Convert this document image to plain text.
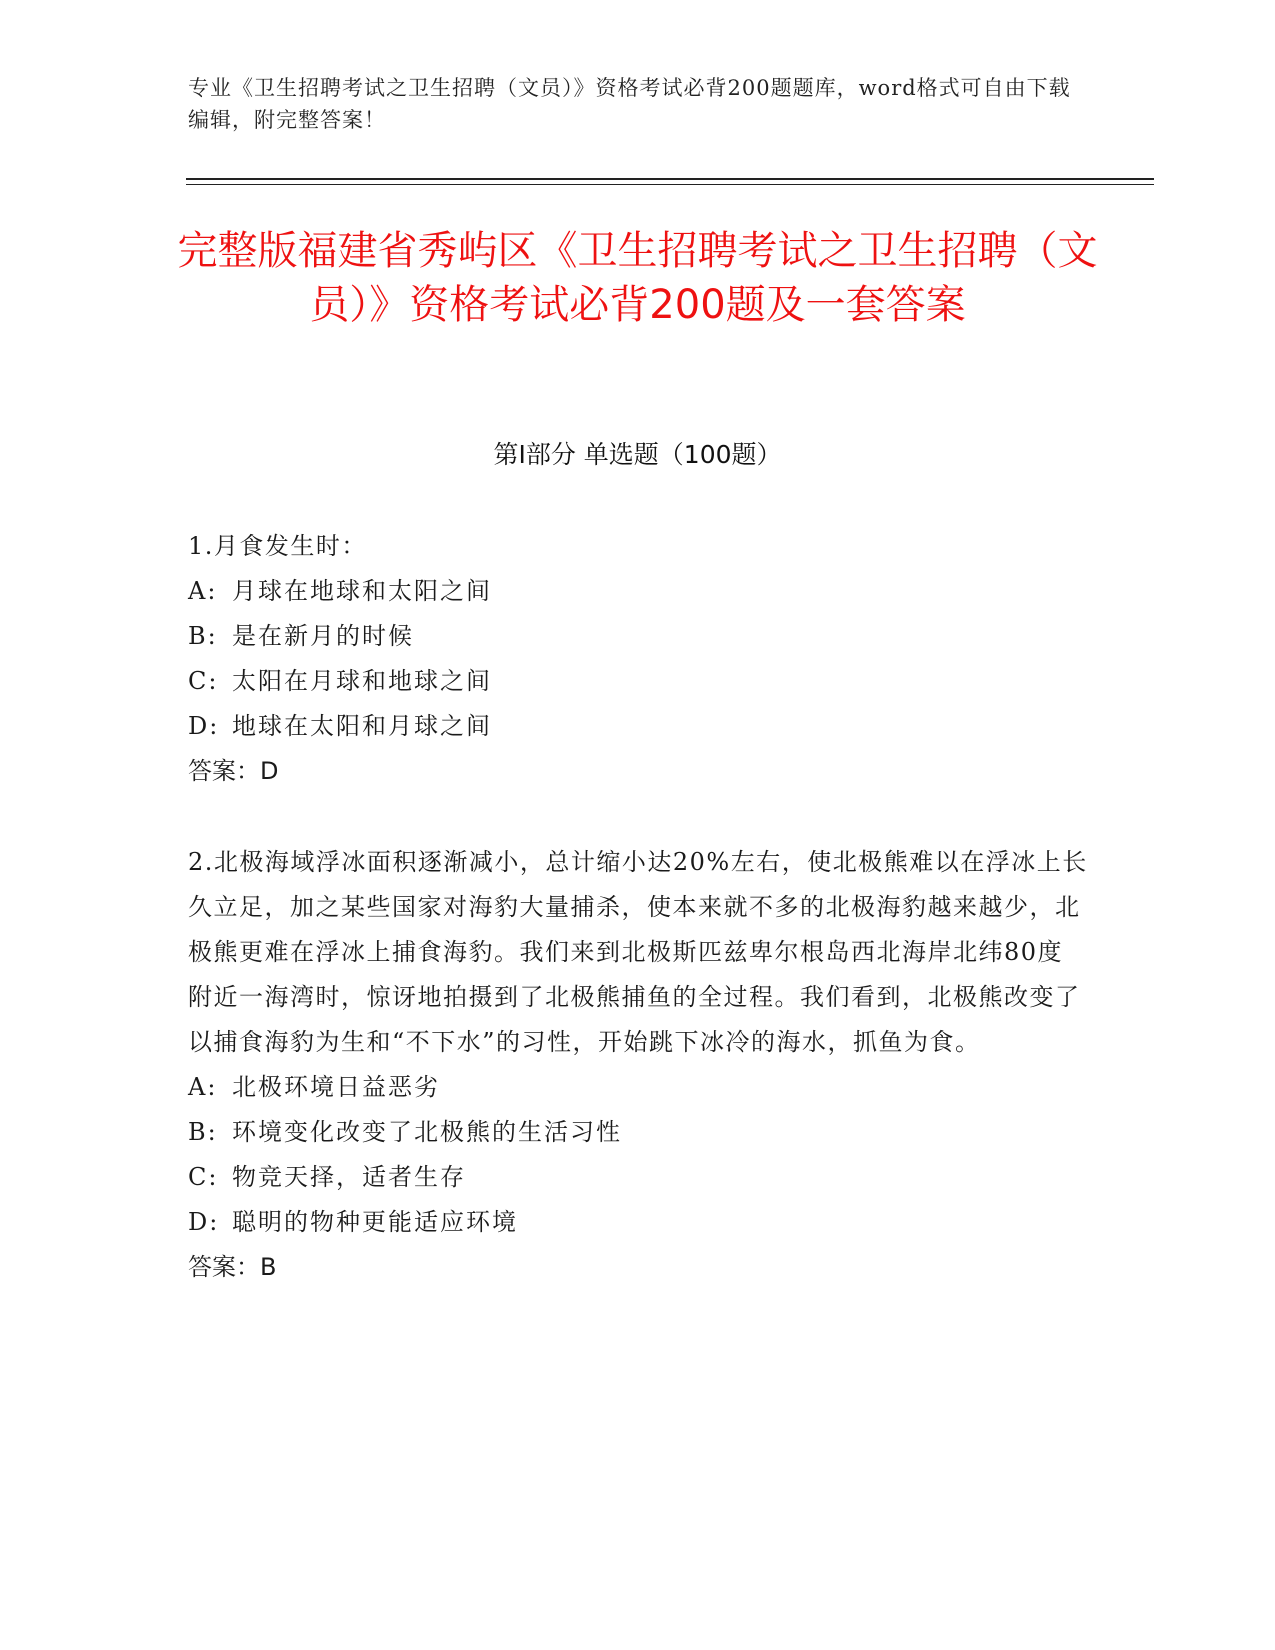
专业《卫生招聘考试之卫生招聘（文员）》资格考试必背200题题库，word格式可自由下载编辑，附完整答案！
完整版福建省秀屿区《卫生招聘考试之卫生招聘（文员）》资格考试必背200题及一套答案
第I部分 单选题（100题）

1.月食发生时：

A: 月球在地球和太阳之间

B: 是在新月的时候

C: 太阳在月球和地球之间

D: 地球在太阳和月球之间

答案：D

2.北极海域浮冰面积逐渐减小，总计缩小达20%左右，使北极熊难以在浮冰上长久立足，加之某些国家对海豹大量捕杀，使本来就不多的北极海豹越来越少，北极熊更难在浮冰上捕食海豹。我们来到北极斯匹兹卑尔根岛西北海岸北纬80度附近一海湾时，惊讶地拍摄到了北极熊捕鱼的全过程。我们看到，北极熊改变了以捕食海豹为生和“不下水”的习性，开始跳下冰冷的海水，抓鱼为食。

A: 北极环境日益恶劣

B: 环境变化改变了北极熊的生活习性

C: 物竞天择，适者生存

D: 聪明的物种更能适应环境

答案：B
